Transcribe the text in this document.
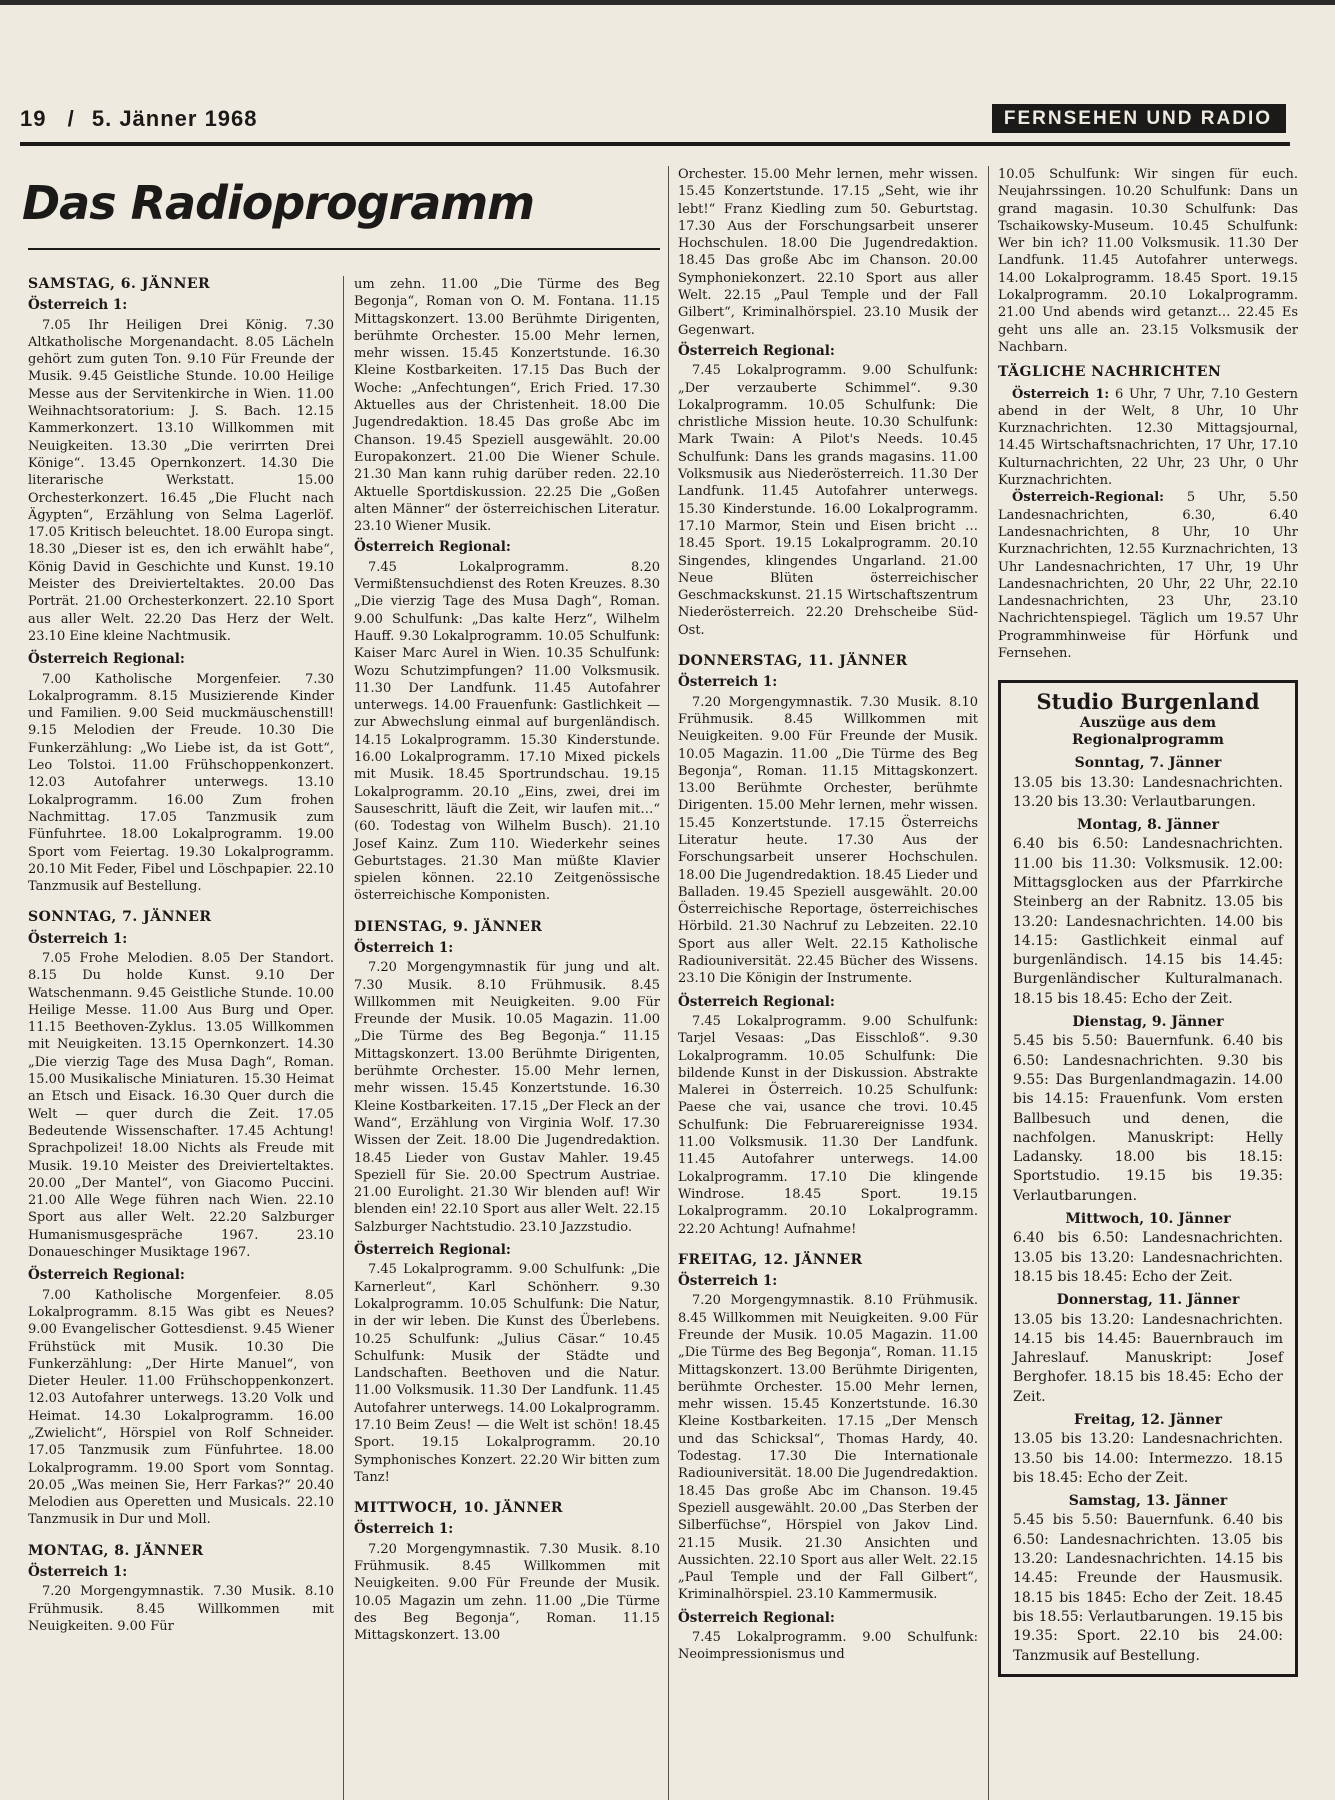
19 / 5. Jänner 1968	FERNSEHEN UND RADIO
Das Radioprogramm
SAMSTAG, 6. JÄNNER
Österreich 1:

7.05 Ihr Heiligen Drei König. 7.30 Altkatholische Morgenandacht. 8.05 Lächeln gehört zum guten Ton. 9.10 Für Freunde der Musik. 9.45 Geistliche Stunde. 10.00 Heilige Messe aus der Servitenkirche in Wien. 11.00 Weihnachtsoratorium: J. S. Bach. 12.15 Kammerkonzert. 13.10 Willkommen mit Neuigkeiten. 13.30 „Die verirrten Drei Könige“. 13.45 Opernkonzert. 14.30 Die literarische Werkstatt. 15.00 Orchesterkonzert. 16.45 „Die Flucht nach Ägypten“, Erzählung von Selma Lagerlöf. 17.05 Kritisch beleuchtet. 18.00 Europa singt. 18.30 „Dieser ist es, den ich erwählt habe“, König David in Geschichte und Kunst. 19.10 Meister des Dreivierteltaktes. 20.00 Das Porträt. 21.00 Orchesterkonzert. 22.10 Sport aus aller Welt. 22.20 Das Herz der Welt. 23.10 Eine kleine Nachtmusik.

Österreich Regional:

7.00 Katholische Morgenfeier. 7.30 Lokalprogramm. 8.15 Musizierende Kinder und Familien. 9.00 Seid muckmäuschenstill! 9.15 Melodien der Freude. 10.30 Die Funkerzählung: „Wo Liebe ist, da ist Gott“, Leo Tolstoi. 11.00 Frühschoppenkonzert. 12.03 Autofahrer unterwegs. 13.10 Lokalprogramm. 16.00 Zum frohen Nachmittag. 17.05 Tanzmusik zum Fünfuhrtee. 18.00 Lokalprogramm. 19.00 Sport vom Feiertag. 19.30 Lokalprogramm. 20.10 Mit Feder, Fibel und Löschpapier. 22.10 Tanzmusik auf Bestellung.

SONNTAG, 7. JÄNNER
Österreich 1:

7.05 Frohe Melodien. 8.05 Der Standort. 8.15 Du holde Kunst. 9.10 Der Watschenmann. 9.45 Geistliche Stunde. 10.00 Heilige Messe. 11.00 Aus Burg und Oper. 11.15 Beethoven-Zyklus. 13.05 Willkommen mit Neuigkeiten. 13.15 Opernkonzert. 14.30 „Die vierzig Tage des Musa Dagh“, Roman. 15.00 Musikalische Miniaturen. 15.30 Heimat an Etsch und Eisack. 16.30 Quer durch die Welt — quer durch die Zeit. 17.05 Bedeutende Wissenschafter. 17.45 Achtung! Sprachpolizei! 18.00 Nichts als Freude mit Musik. 19.10 Meister des Dreivierteltaktes. 20.00 „Der Mantel“, von Giacomo Puccini. 21.00 Alle Wege führen nach Wien. 22.10 Sport aus aller Welt. 22.20 Salzburger Humanismusgespräche 1967. 23.10 Donaueschinger Musiktage 1967.

Österreich Regional:

7.00 Katholische Morgenfeier. 8.05 Lokalprogramm. 8.15 Was gibt es Neues? 9.00 Evangelischer Gottesdienst. 9.45 Wiener Frühstück mit Musik. 10.30 Die Funkerzählung: „Der Hirte Manuel“, von Dieter Heuler. 11.00 Frühschoppenkonzert. 12.03 Autofahrer unterwegs. 13.20 Volk und Heimat. 14.30 Lokalprogramm. 16.00 „Zwielicht“, Hörspiel von Rolf Schneider. 17.05 Tanzmusik zum Fünfuhrtee. 18.00 Lokalprogramm. 19.00 Sport vom Sonntag. 20.05 „Was meinen Sie, Herr Farkas?“ 20.40 Melodien aus Operetten und Musicals. 22.10 Tanzmusik in Dur und Moll.

MONTAG, 8. JÄNNER
Österreich 1:

7.20 Morgengymnastik. 7.30 Musik. 8.10 Frühmusik. 8.45 Willkommen mit Neuigkeiten. 9.00 Für

um zehn. 11.00 „Die Türme des Beg Begonja“, Roman von O. M. Fontana. 11.15 Mittagskonzert. 13.00 Berühmte Dirigenten, berühmte Orchester. 15.00 Mehr lernen, mehr wissen. 15.45 Konzertstunde. 16.30 Kleine Kostbarkeiten. 17.15 Das Buch der Woche: „Anfechtungen“, Erich Fried. 17.30 Aktuelles aus der Christenheit. 18.00 Die Jugendredaktion. 18.45 Das große Abc im Chanson. 19.45 Speziell ausgewählt. 20.00 Europakonzert. 21.00 Die Wiener Schule. 21.30 Man kann ruhig darüber reden. 22.10 Aktuelle Sportdiskussion. 22.25 Die „Goßen alten Männer“ der österreichischen Literatur. 23.10 Wiener Musik.

Österreich Regional:

7.45 Lokalprogramm. 8.20 Vermißtensuchdienst des Roten Kreuzes. 8.30 „Die vierzig Tage des Musa Dagh“, Roman. 9.00 Schulfunk: „Das kalte Herz“, Wilhelm Hauff. 9.30 Lokalprogramm. 10.05 Schulfunk: Kaiser Marc Aurel in Wien. 10.35 Schulfunk: Wozu Schutzimpfungen? 11.00 Volksmusik. 11.30 Der Landfunk. 11.45 Autofahrer unterwegs. 14.00 Frauenfunk: Gastlichkeit — zur Abwechslung einmal auf burgenländisch. 14.15 Lokalprogramm. 15.30 Kinderstunde. 16.00 Lokalprogramm. 17.10 Mixed pickels mit Musik. 18.45 Sportrundschau. 19.15 Lokalprogramm. 20.10 „Eins, zwei, drei im Sauseschritt, läuft die Zeit, wir laufen mit…“ (60. Todestag von Wilhelm Busch). 21.10 Josef Kainz. Zum 110. Wiederkehr seines Geburtstages. 21.30 Man müßte Klavier spielen können. 22.10 Zeitgenössische österreichische Komponisten.

DIENSTAG, 9. JÄNNER
Österreich 1:

7.20 Morgengymnastik für jung und alt. 7.30 Musik. 8.10 Frühmusik. 8.45 Willkommen mit Neuigkeiten. 9.00 Für Freunde der Musik. 10.05 Magazin. 11.00 „Die Türme des Beg Begonja.“ 11.15 Mittagskonzert. 13.00 Berühmte Dirigenten, berühmte Orchester. 15.00 Mehr lernen, mehr wissen. 15.45 Konzertstunde. 16.30 Kleine Kostbarkeiten. 17.15 „Der Fleck an der Wand“, Erzählung von Virginia Wolf. 17.30 Wissen der Zeit. 18.00 Die Jugendredaktion. 18.45 Lieder von Gustav Mahler. 19.45 Speziell für Sie. 20.00 Spectrum Austriae. 21.00 Eurolight. 21.30 Wir blenden auf! Wir blenden ein! 22.10 Sport aus aller Welt. 22.15 Salzburger Nachtstudio. 23.10 Jazzstudio.

Österreich Regional:

7.45 Lokalprogramm. 9.00 Schulfunk: „Die Karnerleut“, Karl Schönherr. 9.30 Lokalprogramm. 10.05 Schulfunk: Die Natur, in der wir leben. Die Kunst des Überlebens. 10.25 Schulfunk: „Julius Cäsar.“ 10.45 Schulfunk: Musik der Städte und Landschaften. Beethoven und die Natur. 11.00 Volksmusik. 11.30 Der Landfunk. 11.45 Autofahrer unterwegs. 14.00 Lokalprogramm. 17.10 Beim Zeus! — die Welt ist schön! 18.45 Sport. 19.15 Lokalprogramm. 20.10 Symphonisches Konzert. 22.20 Wir bitten zum Tanz!

MITTWOCH, 10. JÄNNER
Österreich 1:

7.20 Morgengymnastik. 7.30 Musik. 8.10 Frühmusik. 8.45 Willkommen mit Neuigkeiten. 9.00 Für Freunde der Musik. 10.05 Magazin um zehn. 11.00 „Die Türme des Beg Begonja“, Roman. 11.15 Mittagskonzert. 13.00

Orchester. 15.00 Mehr lernen, mehr wissen. 15.45 Konzertstunde. 17.15 „Seht, wie ihr lebt!“ Franz Kiedling zum 50. Geburtstag. 17.30 Aus der Forschungsarbeit unserer Hochschulen. 18.00 Die Jugendredaktion. 18.45 Das große Abc im Chanson. 20.00 Symphoniekonzert. 22.10 Sport aus aller Welt. 22.15 „Paul Temple und der Fall Gilbert“, Kriminalhörspiel. 23.10 Musik der Gegenwart.

Österreich Regional:

7.45 Lokalprogramm. 9.00 Schulfunk: „Der verzauberte Schimmel“. 9.30 Lokalprogramm. 10.05 Schulfunk: Die christliche Mission heute. 10.30 Schulfunk: Mark Twain: A Pilot's Needs. 10.45 Schulfunk: Dans les grands magasins. 11.00 Volksmusik aus Niederösterreich. 11.30 Der Landfunk. 11.45 Autofahrer unterwegs. 15.30 Kinderstunde. 16.00 Lokalprogramm. 17.10 Marmor, Stein und Eisen bricht … 18.45 Sport. 19.15 Lokalprogramm. 20.10 Singendes, klingendes Ungarland. 21.00 Neue Blüten österreichischer Geschmackskunst. 21.15 Wirtschaftszentrum Niederösterreich. 22.20 Drehscheibe Süd-Ost.

DONNERSTAG, 11. JÄNNER
Österreich 1:

7.20 Morgengymnastik. 7.30 Musik. 8.10 Frühmusik. 8.45 Willkommen mit Neuigkeiten. 9.00 Für Freunde der Musik. 10.05 Magazin. 11.00 „Die Türme des Beg Begonja“, Roman. 11.15 Mittagskonzert. 13.00 Berühmte Orchester, berühmte Dirigenten. 15.00 Mehr lernen, mehr wissen. 15.45 Konzertstunde. 17.15 Österreichs Literatur heute. 17.30 Aus der Forschungsarbeit unserer Hochschulen. 18.00 Die Jugendredaktion. 18.45 Lieder und Balladen. 19.45 Speziell ausgewählt. 20.00 Österreichische Reportage, österreichisches Hörbild. 21.30 Nachruf zu Lebzeiten. 22.10 Sport aus aller Welt. 22.15 Katholische Radiouniversität. 22.45 Bücher des Wissens. 23.10 Die Königin der Instrumente.

Österreich Regional:

7.45 Lokalprogramm. 9.00 Schulfunk: Tarjel Vesaas: „Das Eisschloß“. 9.30 Lokalprogramm. 10.05 Schulfunk: Die bildende Kunst in der Diskussion. Abstrakte Malerei in Österreich. 10.25 Schulfunk: Paese che vai, usance che trovi. 10.45 Schulfunk: Die Februarereignisse 1934. 11.00 Volksmusik. 11.30 Der Landfunk. 11.45 Autofahrer unterwegs. 14.00 Lokalprogramm. 17.10 Die klingende Windrose. 18.45 Sport. 19.15 Lokalprogramm. 20.10 Lokalprogramm. 22.20 Achtung! Aufnahme!

FREITAG, 12. JÄNNER
Österreich 1:

7.20 Morgengymnastik. 8.10 Frühmusik. 8.45 Willkommen mit Neuigkeiten. 9.00 Für Freunde der Musik. 10.05 Magazin. 11.00 „Die Türme des Beg Begonja“, Roman. 11.15 Mittagskonzert. 13.00 Berühmte Dirigenten, berühmte Orchester. 15.00 Mehr lernen, mehr wissen. 15.45 Konzertstunde. 16.30 Kleine Kostbarkeiten. 17.15 „Der Mensch und das Schicksal“, Thomas Hardy, 40. Todestag. 17.30 Die Internationale Radiouniversität. 18.00 Die Jugendredaktion. 18.45 Das große Abc im Chanson. 19.45 Speziell ausgewählt. 20.00 „Das Sterben der Silberfüchse“, Hörspiel von Jakov Lind. 21.15 Musik. 21.30 Ansichten und Aussichten. 22.10 Sport aus aller Welt. 22.15 „Paul Temple und der Fall Gilbert“, Kriminalhörspiel. 23.10 Kammermusik.

Österreich Regional:

7.45 Lokalprogramm. 9.00 Schulfunk: Neoimpressionismus und

10.05 Schulfunk: Wir singen für euch. Neujahrssingen. 10.20 Schulfunk: Dans un grand magasin. 10.30 Schulfunk: Das Tschaikowsky-Museum. 10.45 Schulfunk: Wer bin ich? 11.00 Volksmusik. 11.30 Der Landfunk. 11.45 Autofahrer unterwegs. 14.00 Lokalprogramm. 18.45 Sport. 19.15 Lokalprogramm. 20.10 Lokalprogramm. 21.00 Und abends wird getanzt… 22.45 Es geht uns alle an. 23.15 Volksmusik der Nachbarn.

TÄGLICHE NACHRICHTEN

Österreich 1: 6 Uhr, 7 Uhr, 7.10 Gestern abend in der Welt, 8 Uhr, 10 Uhr Kurznachrichten. 12.30 Mittagsjournal, 14.45 Wirtschaftsnachrichten, 17 Uhr, 17.10 Kulturnachrichten, 22 Uhr, 23 Uhr, 0 Uhr Kurznachrichten.

Österreich-Regional: 5 Uhr, 5.50 Landesnachrichten, 6.30, 6.40 Landesnachrichten, 8 Uhr, 10 Uhr Kurznachrichten, 12.55 Kurznachrichten, 13 Uhr Landesnachrichten, 17 Uhr, 19 Uhr Landesnachrichten, 20 Uhr, 22 Uhr, 22.10 Landesnachrichten, 23 Uhr, 23.10 Nachrichtenspiegel. Täglich um 19.57 Uhr Programmhinweise für Hörfunk und Fernsehen.

Studio Burgenland
Auszüge aus dem Regionalprogramm
Sonntag, 7. Jänner

13.05 bis 13.30: Landesnachrichten. 13.20 bis 13.30: Verlautbarungen.

Montag, 8. Jänner

6.40 bis 6.50: Landesnachrichten. 11.00 bis 11.30: Volksmusik. 12.00: Mittagsglocken aus der Pfarrkirche Steinberg an der Rabnitz. 13.05 bis 13.20: Landesnachrichten. 14.00 bis 14.15: Gastlichkeit einmal auf burgenländisch. 14.15 bis 14.45: Burgenländischer Kulturalmanach. 18.15 bis 18.45: Echo der Zeit.

Dienstag, 9. Jänner

5.45 bis 5.50: Bauernfunk. 6.40 bis 6.50: Landesnachrichten. 9.30 bis 9.55: Das Burgenlandmagazin. 14.00 bis 14.15: Frauenfunk. Vom ersten Ballbesuch und denen, die nachfolgen. Manuskript: Helly Ladansky. 18.00 bis 18.15: Sportstudio. 19.15 bis 19.35: Verlautbarungen.

Mittwoch, 10. Jänner

6.40 bis 6.50: Landesnachrichten. 13.05 bis 13.20: Landesnachrichten. 18.15 bis 18.45: Echo der Zeit.

Donnerstag, 11. Jänner

13.05 bis 13.20: Landesnachrichten. 14.15 bis 14.45: Bauernbrauch im Jahreslauf. Manuskript: Josef Berghofer. 18.15 bis 18.45: Echo der Zeit.

Freitag, 12. Jänner

13.05 bis 13.20: Landesnachrichten. 13.50 bis 14.00: Intermezzo. 18.15 bis 18.45: Echo der Zeit.

Samstag, 13. Jänner

5.45 bis 5.50: Bauernfunk. 6.40 bis 6.50: Landesnachrichten. 13.05 bis 13.20: Landesnachrichten. 14.15 bis 14.45: Freunde der Hausmusik. 18.15 bis 1845: Echo der Zeit. 18.45 bis 18.55: Verlautbarungen. 19.15 bis 19.35: Sport. 22.10 bis 24.00: Tanzmusik auf Bestellung.
